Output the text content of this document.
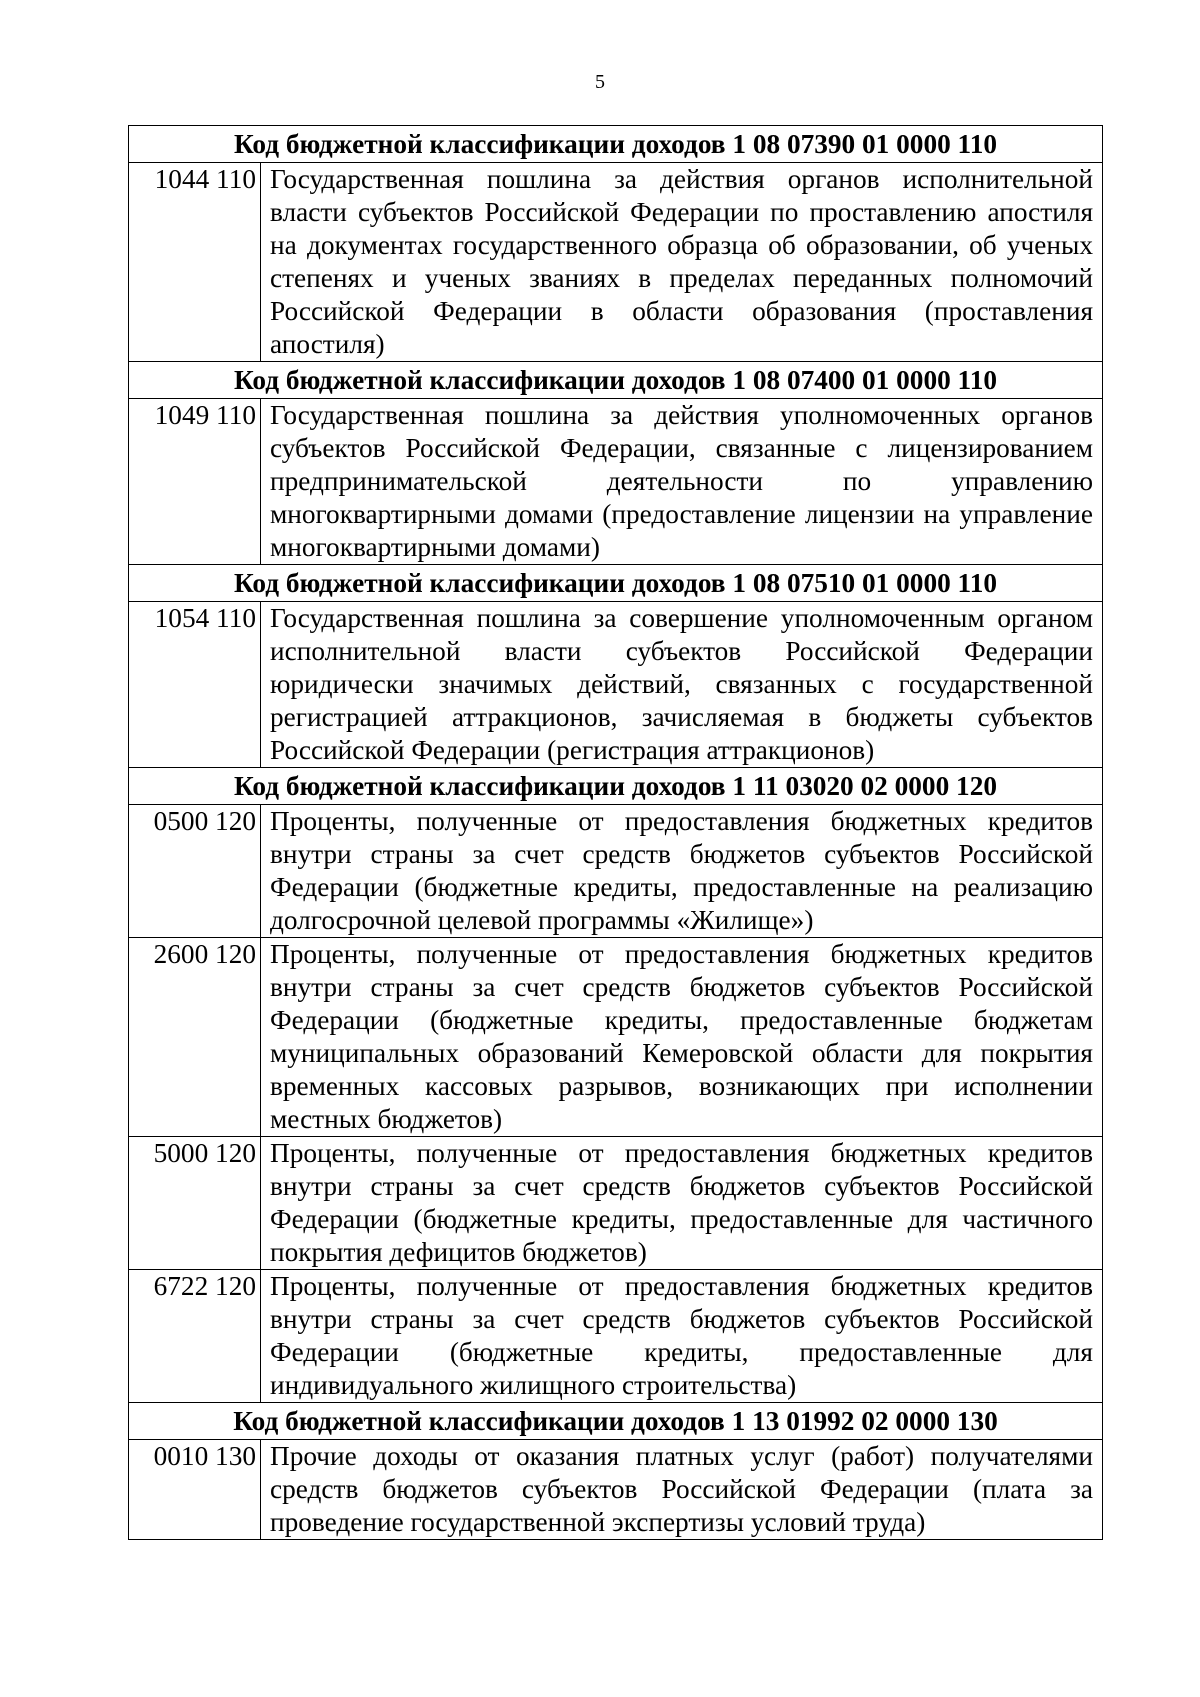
5
Код бюджетной классификации доходов 1 08 07390 01 0000 110	
1044 110	Государственная пошлина за действия органов исполнительной власти субъектов Российской Федерации по проставлению апостиля на документах государственного образца об образовании, об ученых степенях и ученых званиях в пределах переданных полномочий Российской Федерации в области образования (проставления апостиля)
Код бюджетной классификации доходов 1 08 07400 01 0000 110	
1049 110	Государственная пошлина за действия уполномоченных органов субъектов Российской Федерации, связанные с лицензированием предпринимательской деятельности по управлению многоквартирными домами (предоставление лицензии на управление многоквартирными домами)
Код бюджетной классификации доходов 1 08 07510 01 0000 110	
1054 110	Государственная пошлина за совершение уполномоченным органом исполнительной власти субъектов Российской Федерации юридически значимых действий, связанных с государственной регистрацией аттракционов, зачисляемая в бюджеты субъектов Российской Федерации (регистрация аттракционов)
Код бюджетной классификации доходов 1 11 03020 02 0000 120	
0500 120	Проценты, полученные от предоставления бюджетных кредитов внутри страны за счет средств бюджетов субъектов Российской Федерации (бюджетные кредиты, предоставленные на реализацию долгосрочной целевой программы «Жилище»)
2600 120	Проценты, полученные от предоставления бюджетных кредитов внутри страны за счет средств бюджетов субъектов Российской Федерации (бюджетные кредиты, предоставленные бюджетам муниципальных образований Кемеровской области для покрытия временных кассовых разрывов, возникающих при исполнении местных бюджетов)
5000 120	Проценты, полученные от предоставления бюджетных кредитов внутри страны за счет средств бюджетов субъектов Российской Федерации (бюджетные кредиты, предоставленные для частичного покрытия дефицитов бюджетов)
6722 120	Проценты, полученные от предоставления бюджетных кредитов внутри страны за счет средств бюджетов субъектов Российской Федерации (бюджетные кредиты, предоставленные для индивидуального жилищного строительства)
Код бюджетной классификации доходов 1 13 01992 02 0000 130	
0010 130	Прочие доходы от оказания платных услуг (работ) получателями средств бюджетов субъектов Российской Федерации (плата за проведение государственной экспертизы условий труда)
